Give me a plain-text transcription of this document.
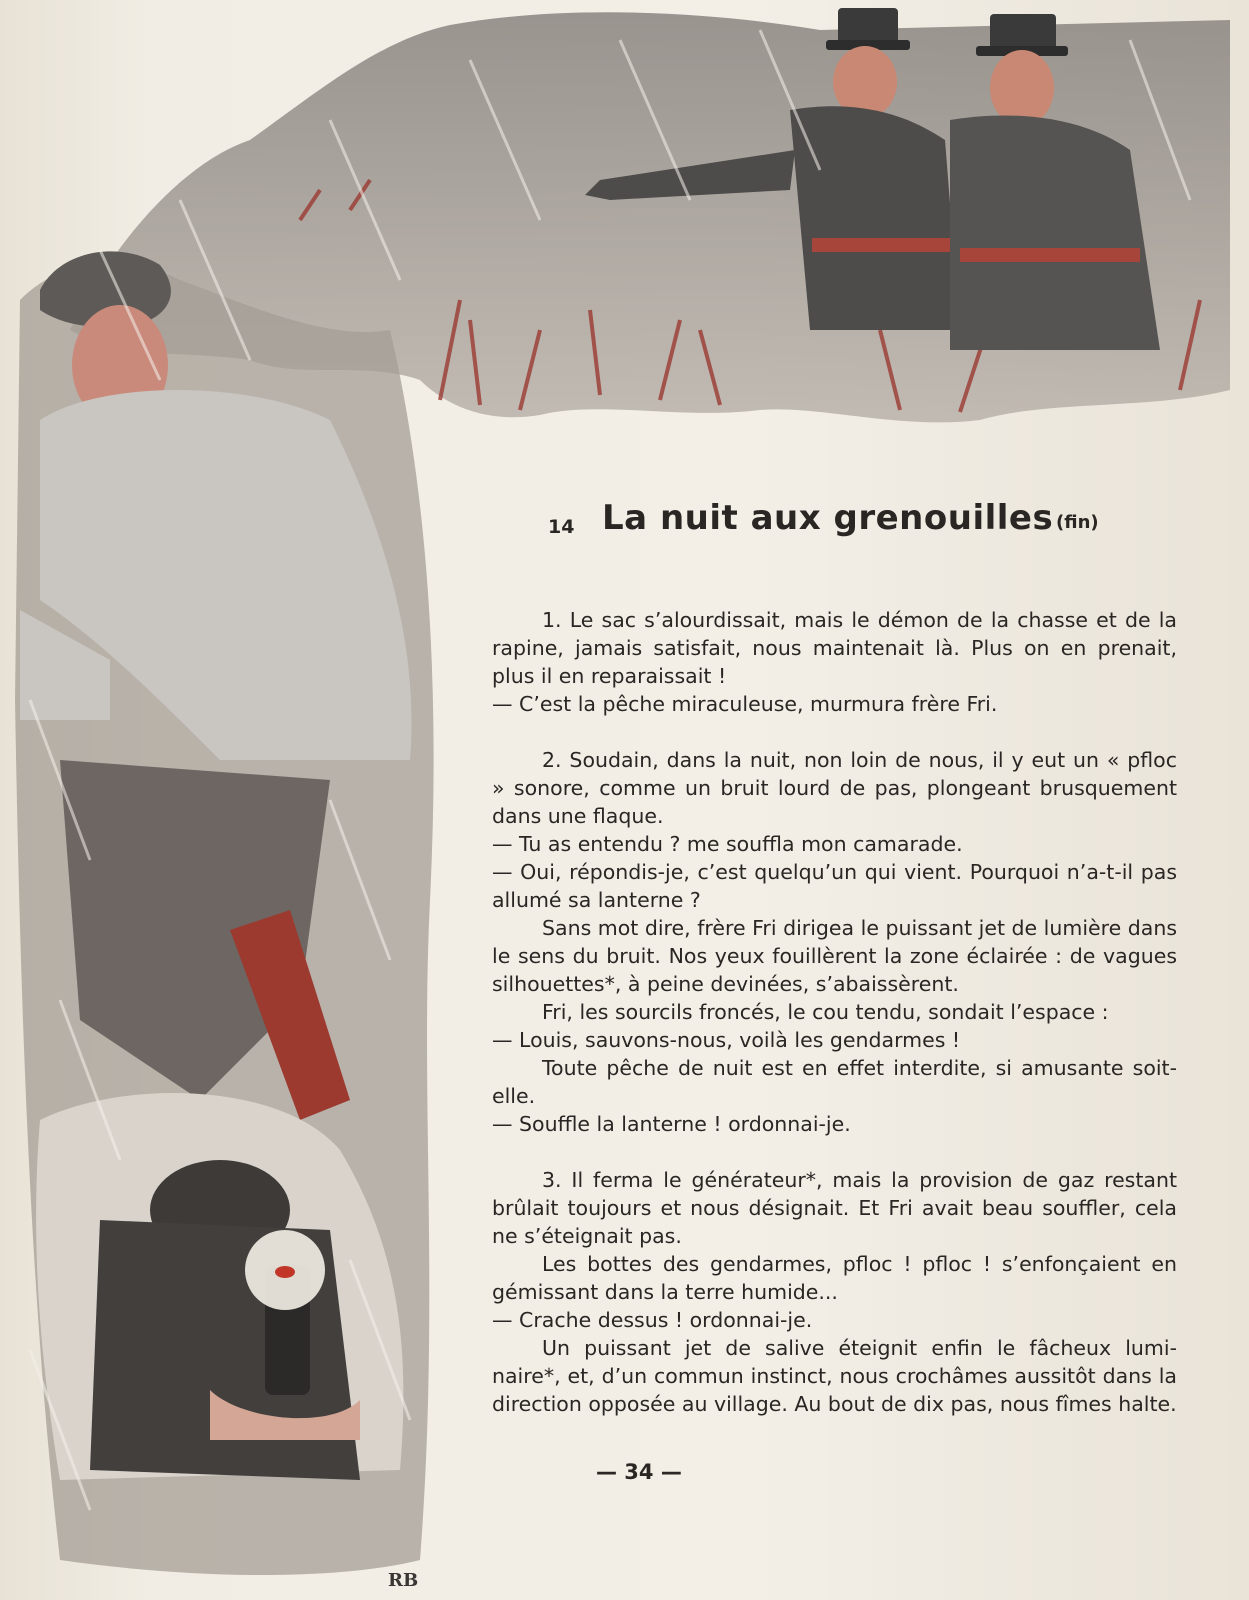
14 La nuit aux grenouilles (fin)

1. Le sac s’alourdissait, mais le démon de la chasse et de la rapine, jamais satisfait, nous maintenait là. Plus on en prenait, plus il en reparaissait !

— C’est la pêche miraculeuse, murmura frère Fri.

2. Soudain, dans la nuit, non loin de nous, il y eut un « pfloc » sonore, comme un bruit lourd de pas, plongeant brusquement dans une flaque.

— Tu as entendu ? me souffla mon camarade.

— Oui, répondis-je, c’est quelqu’un qui vient. Pourquoi n’a-t-il pas allumé sa lanterne ?

Sans mot dire, frère Fri dirigea le puissant jet de lumière dans le sens du bruit. Nos yeux fouillèrent la zone éclairée : de vagues silhouettes*, à peine devinées, s’abaissèrent.

Fri, les sourcils froncés, le cou tendu, sondait l’espace :

— Louis, sauvons-nous, voilà les gendarmes !

Toute pêche de nuit est en effet interdite, si amusante soit-elle.

— Souffle la lanterne ! ordonnai-je.

3. Il ferma le générateur*, mais la provision de gaz restant brûlait toujours et nous désignait. Et Fri avait beau souffler, cela ne s’éteignait pas.

Les bottes des gendarmes, pfloc ! pfloc ! s’enfonçaient en gémissant dans la terre humide...

— Crache dessus ! ordonnai-je.

Un puissant jet de salive éteignit enfin le fâcheux lumi-naire*, et, d’un commun instinct, nous crochâmes aussitôt dans la direction opposée au village. Au bout de dix pas, nous fîmes halte.

— 34 —
RB
